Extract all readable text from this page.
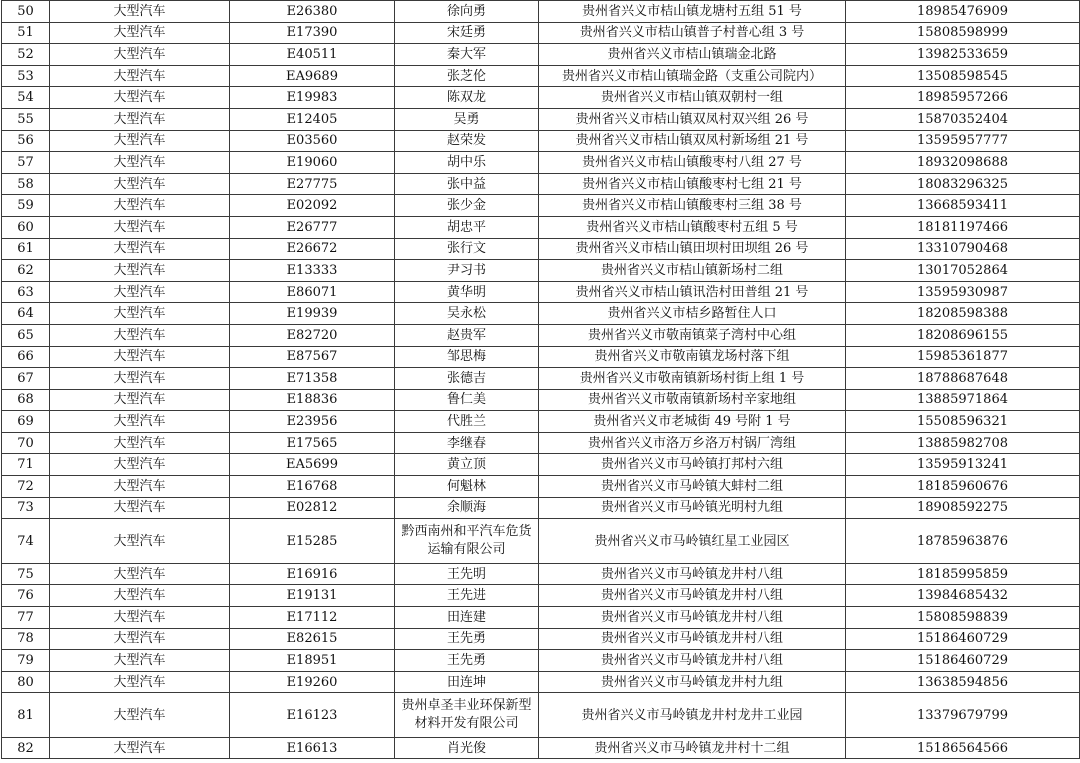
50	大型汽车	E26380	徐向勇	贵州省兴义市桔山镇龙塘村五组 51 号	18985476909
51	大型汽车	E17390	宋廷勇	贵州省兴义市桔山镇普子村普心组 3 号	15808598999
52	大型汽车	E40511	秦大军	贵州省兴义市桔山镇瑞金北路	13982533659
53	大型汽车	EA9689	张芝伦	贵州省兴义市桔山镇瑞金路（支重公司院内）	13508598545
54	大型汽车	E19983	陈双龙	贵州省兴义市桔山镇双朝村一组	18985957266
55	大型汽车	E12405	吴勇	贵州省兴义市桔山镇双凤村双兴组 26 号	15870352404
56	大型汽车	E03560	赵荣发	贵州省兴义市桔山镇双凤村新场组 21 号	13595957777
57	大型汽车	E19060	胡中乐	贵州省兴义市桔山镇酸枣村八组 27 号	18932098688
58	大型汽车	E27775	张中益	贵州省兴义市桔山镇酸枣村七组 21 号	18083296325
59	大型汽车	E02092	张少金	贵州省兴义市桔山镇酸枣村三组 38 号	13668593411
60	大型汽车	E26777	胡忠平	贵州省兴义市桔山镇酸枣村五组 5 号	18181197466
61	大型汽车	E26672	张行文	贵州省兴义市桔山镇田坝村田坝组 26 号	13310790468
62	大型汽车	E13333	尹习书	贵州省兴义市桔山镇新场村二组	13017052864
63	大型汽车	E86071	黄华明	贵州省兴义市桔山镇讯浩村田普组 21 号	13595930987
64	大型汽车	E19939	吴永松	贵州省兴义市桔乡路暂住人口	18208598388
65	大型汽车	E82720	赵贵军	贵州省兴义市敬南镇菜子湾村中心组	18208696155
66	大型汽车	E87567	邹思梅	贵州省兴义市敬南镇龙场村落下组	15985361877
67	大型汽车	E71358	张德吉	贵州省兴义市敬南镇新场村街上组 1 号	18788687648
68	大型汽车	E18836	鲁仁美	贵州省兴义市敬南镇新场村辛家地组	13885971864
69	大型汽车	E23956	代胜兰	贵州省兴义市老城街 49 号附 1 号	15508596321
70	大型汽车	E17565	李继春	贵州省兴义市洛万乡洛万村锅厂湾组	13885982708
71	大型汽车	EA5699	黄立顶	贵州省兴义市马岭镇打邦村六组	13595913241
72	大型汽车	E16768	何魁林	贵州省兴义市马岭镇大蚌村二组	18185960676
73	大型汽车	E02812	余顺海	贵州省兴义市马岭镇光明村九组	18908592275
74	大型汽车	E15285	黔西南州和平汽车危货运输有限公司	贵州省兴义市马岭镇红星工业园区	18785963876
75	大型汽车	E16916	王先明	贵州省兴义市马岭镇龙井村八组	18185995859
76	大型汽车	E19131	王先进	贵州省兴义市马岭镇龙井村八组	13984685432
77	大型汽车	E17112	田连建	贵州省兴义市马岭镇龙井村八组	15808598839
78	大型汽车	E82615	王先勇	贵州省兴义市马岭镇龙井村八组	15186460729
79	大型汽车	E18951	王先勇	贵州省兴义市马岭镇龙井村八组	15186460729
80	大型汽车	E19260	田连坤	贵州省兴义市马岭镇龙井村九组	13638594856
81	大型汽车	E16123	贵州卓圣丰业环保新型材料开发有限公司	贵州省兴义市马岭镇龙井村龙井工业园	13379679799
82	大型汽车	E16613	肖光俊	贵州省兴义市马岭镇龙井村十二组	15186564566
